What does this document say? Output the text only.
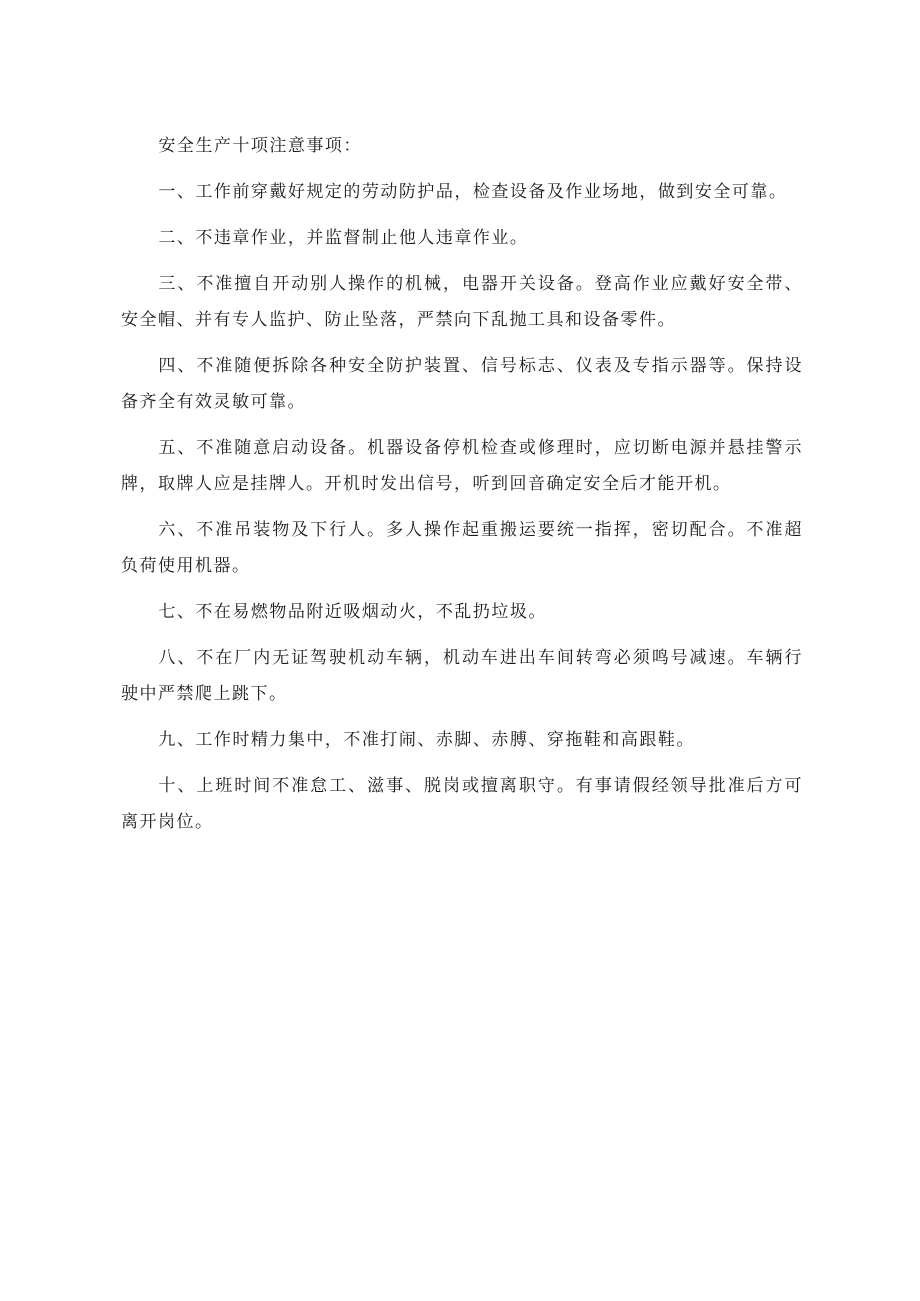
安全生产十项注意事项：

一、工作前穿戴好规定的劳动防护品，检查设备及作业场地，做到安全可靠。

二、不违章作业，并监督制止他人违章作业。

三、不准擅自开动别人操作的机械，电器开关设备。登高作业应戴好安全带、安全帽、并有专人监护、防止坠落，严禁向下乱抛工具和设备零件。

四、不准随便拆除各种安全防护装置、信号标志、仪表及专指示器等。保持设备齐全有效灵敏可靠。

五、不准随意启动设备。机器设备停机检查或修理时，应切断电源并悬挂警示牌，取牌人应是挂牌人。开机时发出信号，听到回音确定安全后才能开机。

六、不准吊装物及下行人。多人操作起重搬运要统一指挥，密切配合。不准超负荷使用机器。

七、不在易燃物品附近吸烟动火，不乱扔垃圾。

八、不在厂内无证驾驶机动车辆，机动车进出车间转弯必须鸣号减速。车辆行驶中严禁爬上跳下。

九、工作时精力集中，不准打闹、赤脚、赤膊、穿拖鞋和高跟鞋。

十、上班时间不准怠工、滋事、脱岗或擅离职守。有事请假经领导批准后方可离开岗位。
